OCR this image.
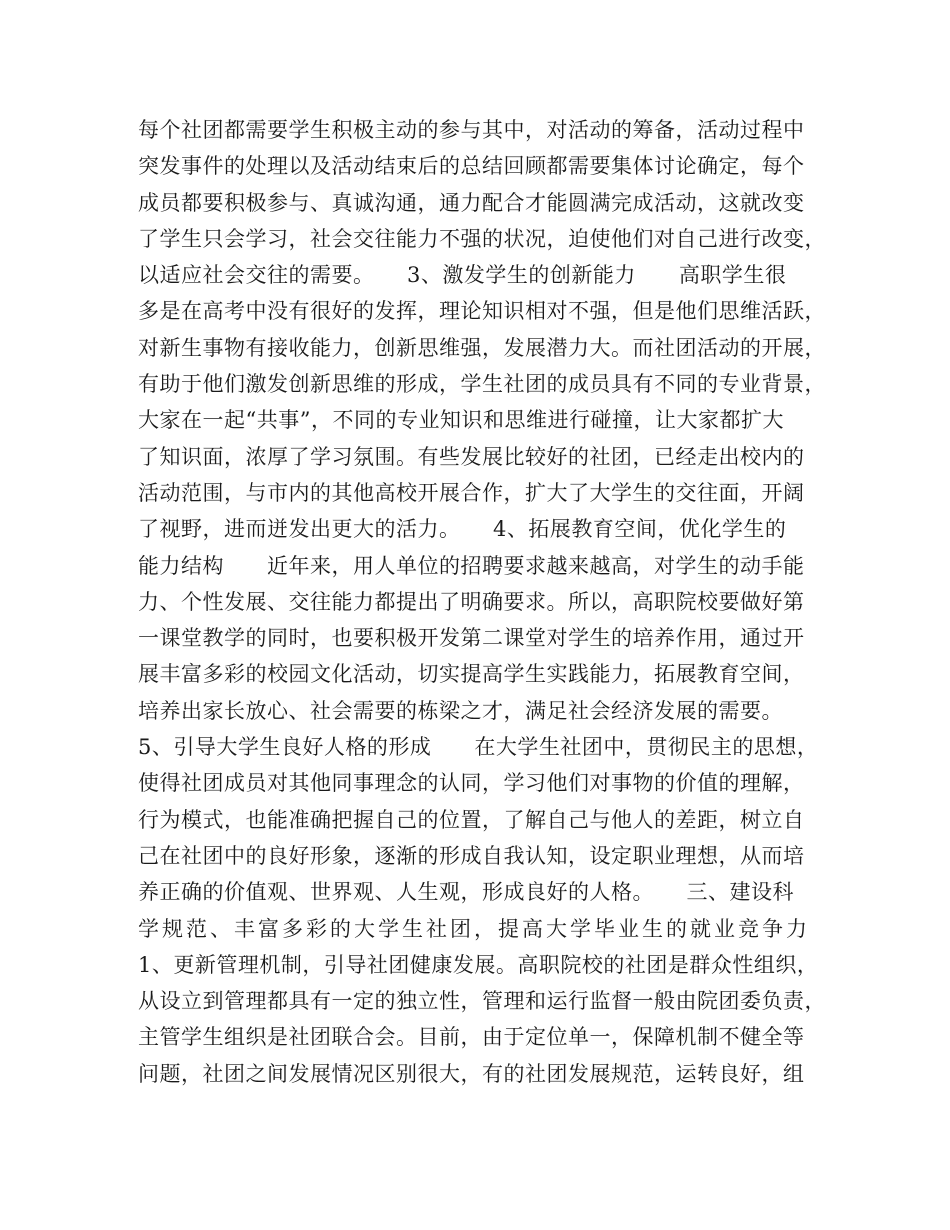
每个社团都需要学生积极主动的参与其中，对活动的筹备，活动过程中
突发事件的处理以及活动结束后的总结回顾都需要集体讨论确定，每个
成员都要积极参与、真诚沟通，通力配合才能圆满完成活动，这就改变
了学生只会学习，社会交往能力不强的状况，迫使他们对自己进行改变，
以适应社会交往的需要。　　3、激发学生的创新能力　　高职学生很
多是在高考中没有很好的发挥，理论知识相对不强，但是他们思维活跃，
对新生事物有接收能力，创新思维强，发展潜力大。而社团活动的开展，
有助于他们激发创新思维的形成，学生社团的成员具有不同的专业背景，
大家在一起“共事”，不同的专业知识和思维进行碰撞，让大家都扩大
了知识面，浓厚了学习氛围。有些发展比较好的社团，已经走出校内的
活动范围，与市内的其他高校开展合作，扩大了大学生的交往面，开阔
了视野，进而迸发出更大的活力。　　4、拓展教育空间，优化学生的
能力结构　　近年来，用人单位的招聘要求越来越高，对学生的动手能
力、个性发展、交往能力都提出了明确要求。所以，高职院校要做好第
一课堂教学的同时，也要积极开发第二课堂对学生的培养作用，通过开
展丰富多彩的校园文化活动，切实提高学生实践能力，拓展教育空间，
培养出家长放心、社会需要的栋梁之才，满足社会经济发展的需要。
5、引导大学生良好人格的形成　　在大学生社团中，贯彻民主的思想，
使得社团成员对其他同事理念的认同，学习他们对事物的价值的理解，
行为模式，也能准确把握自己的位置，了解自己与他人的差距，树立自
己在社团中的良好形象，逐渐的形成自我认知，设定职业理想，从而培
养正确的价值观、世界观、人生观，形成良好的人格。　　三、建设科
学规范、丰富多彩的大学生社团，提高大学毕业生的就业竞争力
1、更新管理机制，引导社团健康发展。高职院校的社团是群众性组织，
从设立到管理都具有一定的独立性，管理和运行监督一般由院团委负责，
主管学生组织是社团联合会。目前，由于定位单一，保障机制不健全等
问题，社团之间发展情况区别很大，有的社团发展规范，运转良好，组
